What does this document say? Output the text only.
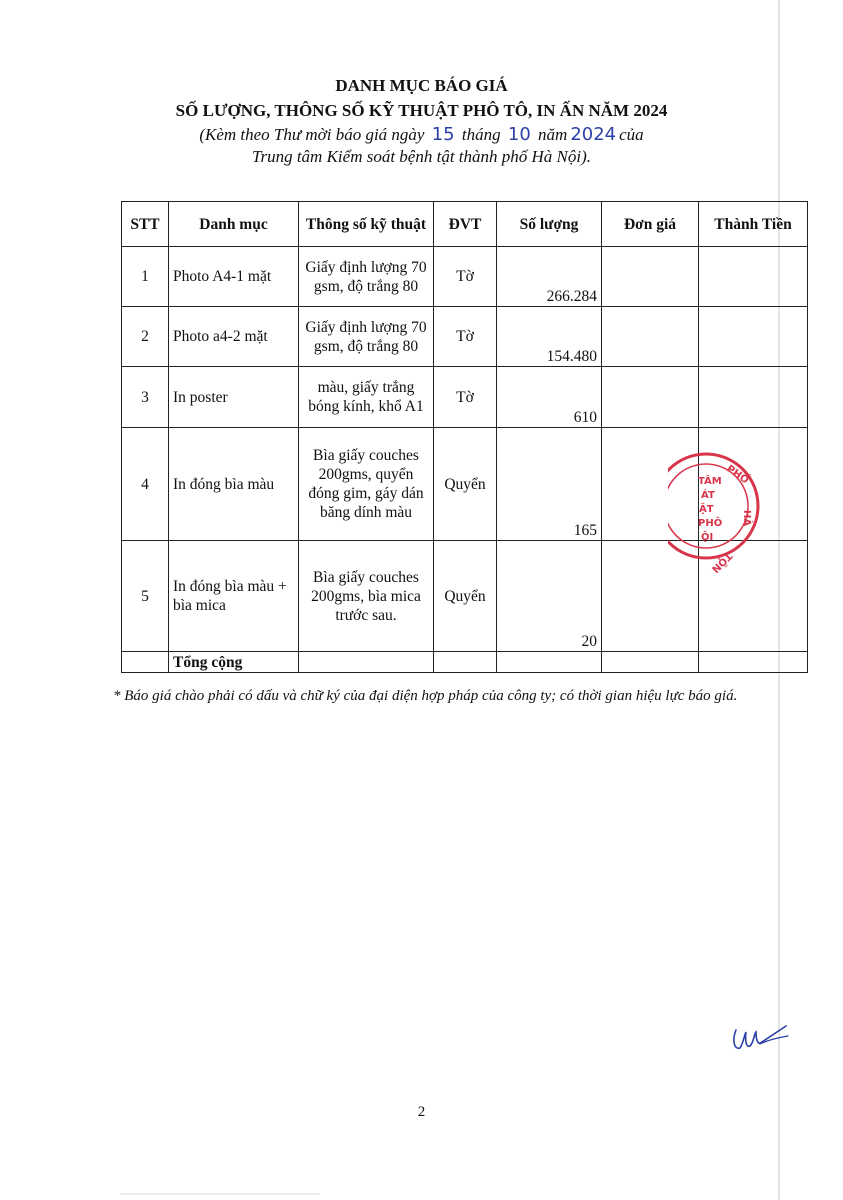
DANH MỤC BÁO GIÁ
SỐ LƯỢNG, THÔNG SỐ KỸ THUẬT PHÔ TÔ, IN ẤN NĂM 2024
(Kèm theo Thư mời báo giá ngày 15 tháng 10 năm 2024 của
Trung tâm Kiểm soát bệnh tật thành phố Hà Nội).
STT	Danh mục	Thông số kỹ thuật	ĐVT	Số lượng	Đơn giá	Thành Tiền
1	Photo A4-1 mặt	Giấy định lượng 70 gsm, độ trắng 80	Tờ	266.284		
2	Photo a4-2 mặt	Giấy định lượng 70 gsm, độ trắng 80	Tờ	154.480		
3	In poster	màu, giấy trắng bóng kính, khổ A1	Tờ	610		
4	In đóng bìa màu	Bìa giấy couches 200gms, quyển đóng gim, gáy dán băng dính màu	Quyển	165		
5	In đóng bìa màu + bìa mica	Bìa giấy couches 200gms, bìa mica trước sau.	Quyển	20		
	Tổng cộng					
TÂM
ÁT
ẬT
PHÔ
ỘI
PHỐ
HÀ
TỘN
* Báo giá chào phải có dấu và chữ ký của đại diện hợp pháp của công ty; có thời gian hiệu lực báo giá.
2
